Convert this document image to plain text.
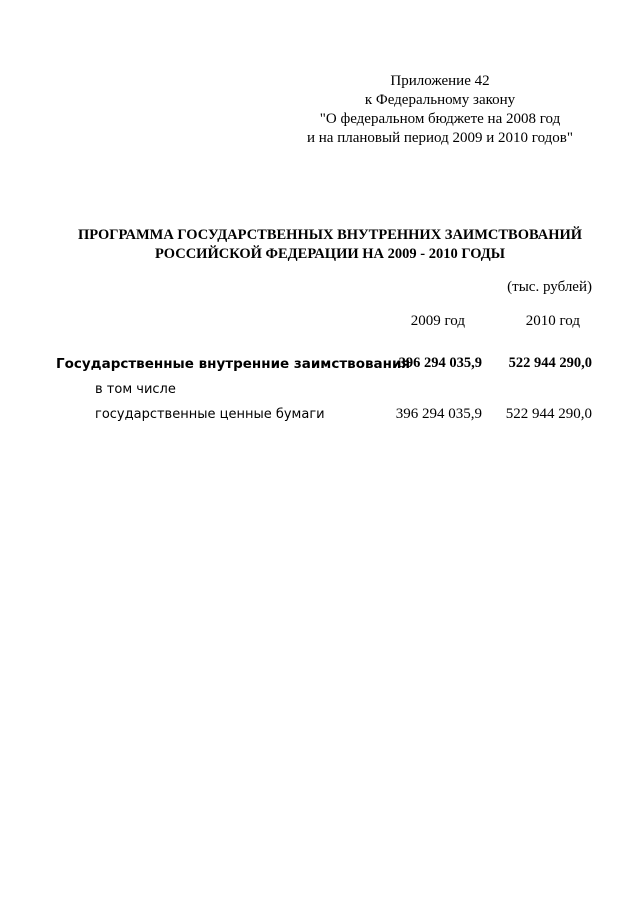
Приложение 42
к Федеральному закону
"О федеральном бюджете на 2008 год
и на плановый период 2009 и 2010 годов"
ПРОГРАММА ГОСУДАРСТВЕННЫХ ВНУТРЕННИХ ЗАИМСТВОВАНИЙ
РОССИЙСКОЙ ФЕДЕРАЦИИ НА 2009 - 2010 ГОДЫ
(тыс. рублей)
2009 год	2010 год
Государственные внутренние заимствования
396 294 035,9 522 944 290,0
в том числе
государственные ценные бумаги	396 294 035,9 522 944 290,0
